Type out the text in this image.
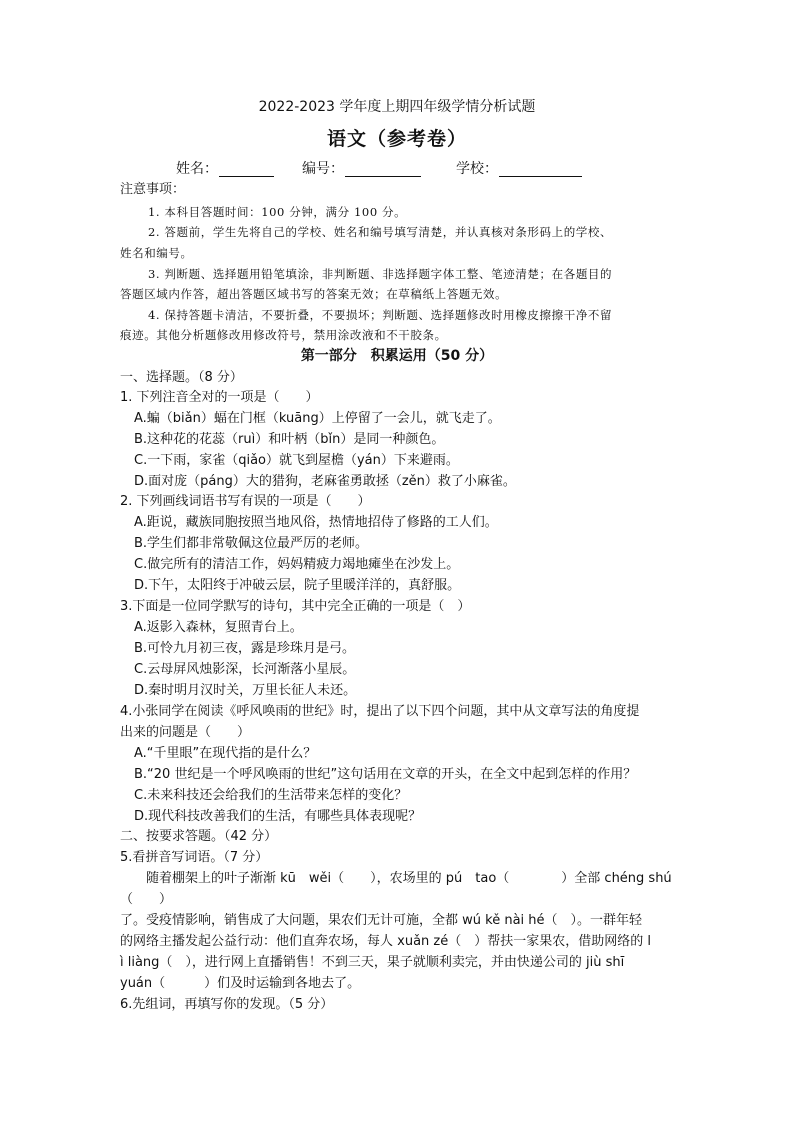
2022-2023 学年度上期四年级学情分析试题
语文（参考卷）
姓名：	编号：	学校：
注意事项：
1. 本科目答题时间：100 分钟，满分 100 分。
2. 答题前，学生先将自己的学校、姓名和编号填写清楚，并认真核对条形码上的学校、
姓名和编号。
3. 判断题、选择题用铅笔填涂，非判断题、非选择题字体工整、笔迹清楚；在各题目的
答题区域内作答，超出答题区域书写的答案无效；在草稿纸上答题无效。
4. 保持答题卡清洁，不要折叠，不要损坏；判断题、选择题修改时用橡皮擦擦干净不留
痕迹。其他分析题修改用修改符号，禁用涂改液和不干胶条。
第一部分　积累运用（50 分）
一、选择题。（8 分）
1. 下列注音全对的一项是（　　）
A.蝙（biǎn）蝠在门框（kuāng）上停留了一会儿，就飞走了。
B.这种花的花蕊（ruì）和叶柄（bǐn）是同一种颜色。
C.一下雨，家雀（qiǎo）就飞到屋檐（yán）下来避雨。
D.面对庞（páng）大的猎狗，老麻雀勇敢拯（zěn）救了小麻雀。
2. 下列画线词语书写有误的一项是（　　）
A.距说，藏族同胞按照当地风俗，热情地招侍了修路的工人们。
B.学生们都非常敬佩这位最严厉的老师。
C.做完所有的清洁工作，妈妈精疲力竭地瘫坐在沙发上。
D.下午，太阳终于冲破云层，院子里暖洋洋的，真舒服。
3.下面是一位同学默写的诗句，其中完全正确的一项是（　）
A.返影入森林，复照青台上。
B.可怜九月初三夜，露是珍珠月是弓。
C.云母屏风烛影深，长河渐落小星辰。
D.秦时明月汉时关，万里长征人未还。
4.小张同学在阅读《呼风唤雨的世纪》时，提出了以下四个问题，其中从文章写法的角度提
出来的问题是（　　）
A.“千里眼”在现代指的是什么？
B.“20 世纪是一个呼风唤雨的世纪”这句话用在文章的开头，在全文中起到怎样的作用？
C.未来科技还会给我们的生活带来怎样的变化？
D.现代科技改善我们的生活，有哪些具体表现呢？
二、按要求答题。（42 分）
5.看拼音写词语。（7 分）
　　随着棚架上的叶子渐渐 kū　wěi（　　），农场里的 pú　tao（　　　　）全部 chéng shú
（　　）
了。受疫情影响，销售成了大问题，果农们无计可施，全都 wú kě nài hé（　）。一群年轻
的网络主播发起公益行动：他们直奔农场，每人 xuǎn zé（　）帮扶一家果农，借助网络的 l
ì liàng（　），进行网上直播销售！不到三天，果子就顺利卖完，并由快递公司的 jiù shī
yuán（　　　）们及时运输到各地去了。
6.先组词，再填写你的发现。（5 分）
